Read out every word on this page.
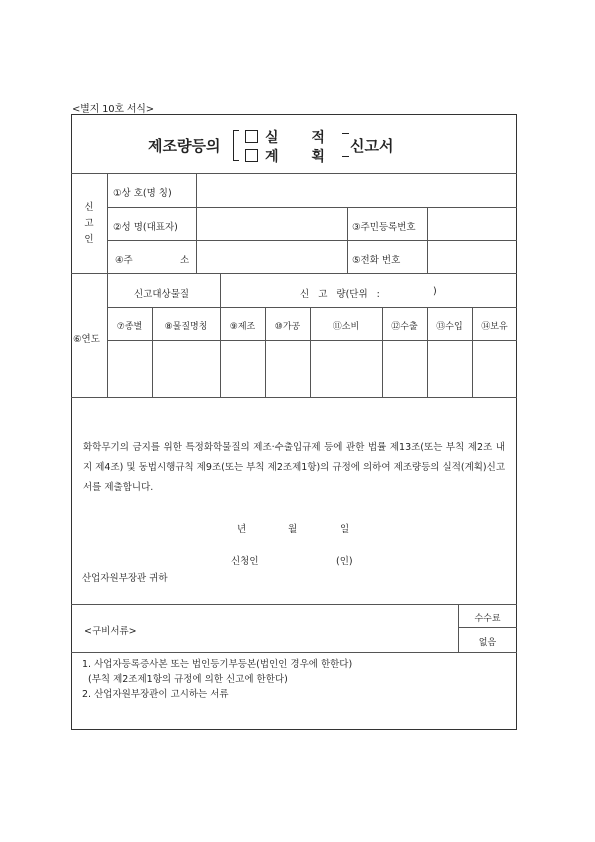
<별지 10호 서식>
제조량등의	실 적
계 획
신고서
신
고
인
①상 호(명 칭)
②성 명(대표자)	③주민등록번호
④주	소	⑤전화 번호
⑥연도
신고대상물질	신 고 량(단위 :	)
⑦종별	⑧물질명칭	⑨제조	⑩가공	⑪소비	⑫수출	⑬수입	⑭보유
화학무기의 금지를 위한 특정화학물질의 제조·수출입규제 등에 관한 법률 제13조(또는 부칙 제2조 내지 제4조) 및 동법시행규칙 제9조(또는 부칙 제2조제1항)의 규정에 의하여 제조량등의 실적(계획)신고서를 제출합니다.
년	월	일
신청인	(인)
산업자원부장관 귀하
<구비서류>
수수료
없음
1. 사업자등록증사본 또는 법인등기부등본(법인인 경우에 한한다)
(부칙 제2조제1항의 규정에 의한 신고에 한한다)
2. 산업자원부장관이 고시하는 서류
